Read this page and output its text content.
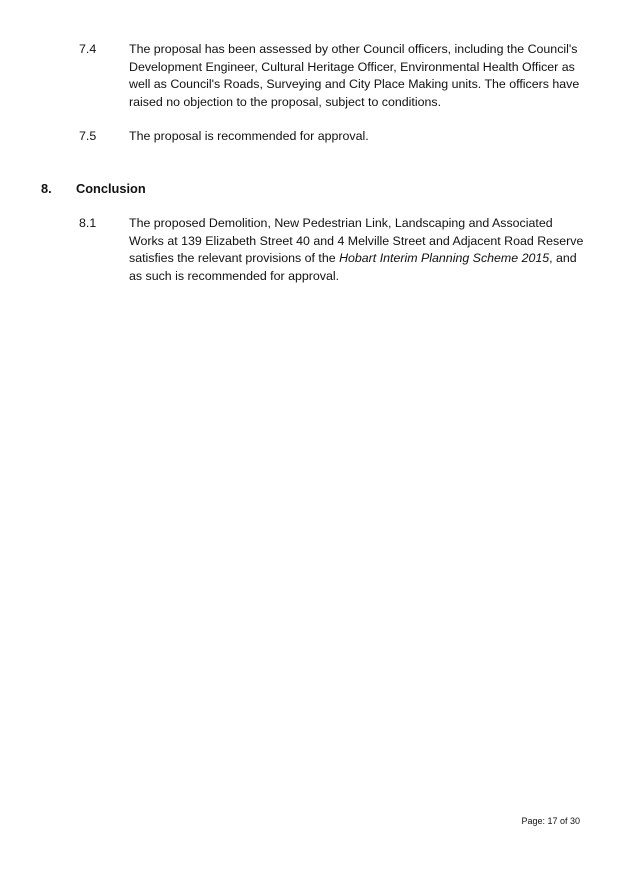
7.4	The proposal has been assessed by other Council officers, including the Council's Development Engineer, Cultural Heritage Officer, Environmental Health Officer as well as Council's Roads, Surveying and City Place Making units. The officers have raised no objection to the proposal, subject to conditions.
7.5	The proposal is recommended for approval.
8. Conclusion
8.1	The proposed Demolition, New Pedestrian Link, Landscaping and Associated Works at 139 Elizabeth Street 40 and 4 Melville Street and Adjacent Road Reserve satisfies the relevant provisions of the Hobart Interim Planning Scheme 2015, and as such is recommended for approval.
Page: 17 of 30
